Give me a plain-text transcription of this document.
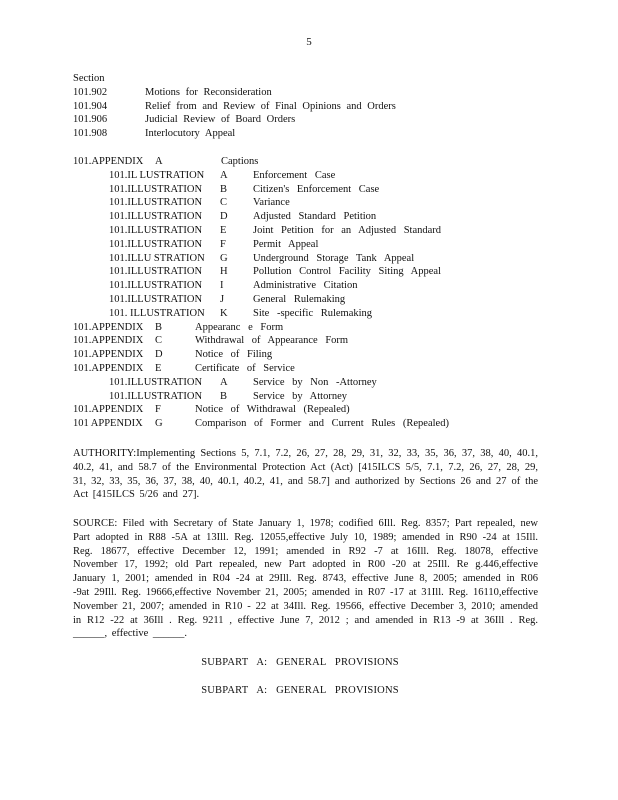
5
Section
101.902	Motions for Reconsideration
101.904	Relief from and Review of Final Opinions and Orders
101.906	Judicial Review of Board Orders
101.908	Interlocutory Appeal
101.APPENDIX A	Captions
101.IL LUSTRATION A Enforcement Case
101.ILLUSTRATION B Citizen's Enforcement Case
101.ILLUSTRATION C Variance
101.ILLUSTRATION D Adjusted Standard Petition
101.ILLUSTRATION E	Joint Petition for an Adjusted Standard
101.ILLUSTRATION F	Permit Appeal
101.ILLU STRATION G Underground Storage Tank Appeal
101.ILLUSTRATION H Pollution Control Facility Siting Appeal
101.ILLUSTRATION I	Administrative Citation
101.ILLUSTRATION J	General Rulemaking
101. ILLUSTRATION K Site -specific Rulemaking
101.APPENDIX B	Appearanc e Form
101.APPENDIX C	Withdrawal of Appearance Form
101.APPENDIX D	Notice of Filing
101.APPENDIX E	Certificate of Service
101.ILLUSTRATION A Service by Non -Attorney
101.ILLUSTRATION B Service by Attorney
101.APPENDIX F	Notice of Withdrawal (Repealed)
101 APPENDIX G	Comparison of Former and Current Rules (Repealed)
AUTHORITY:Implementing Sections 5, 7.1, 7.2, 26, 27, 28, 29, 31, 32, 33, 35, 36, 37, 38, 40, 40.1, 40.2, 41, and 58.7 of the Environmental Protection Act (Act) [415ILCS 5/5, 7.1, 7.2, 26, 27, 28, 29, 31, 32, 33, 35, 36, 37, 38, 40, 40.1, 40.2, 41, and 58.7] and authorized by Sections 26 and 27 of the Act [415ILCS 5/26 and 27].
SOURCE: Filed with Secretary of State January 1, 1978; codified 6Ill. Reg. 8357; Part repealed, new Part adopted in R88 -5A at 13Ill. Reg. 12055,effective July 10, 1989; amended in R90 -24 at 15Ill. Reg. 18677, effective December 12, 1991; amended in R92 -7 at 16Ill. Reg. 18078, effective November 17, 1992; old Part repealed, new Part adopted in R00 -20 at 25Ill. Re g.446,effective January 1, 2001; amended in R04 -24 at 29Ill. Reg. 8743, effective June 8, 2005; amended in R06 -9at 29Ill. Reg. 19666,effective November 21, 2005; amended in R07 -17 at 31Ill. Reg. 16110,effective November 21, 2007; amended in R10 - 22 at 34Ill. Reg. 19566, effective December 3, 2010; amended in R12 -22 at 36Ill . Reg. 9211 , effective June 7, 2012 ; and amended in R13 -9 at 36Ill . Reg. ______, effective ______.
SUBPART A: GENERAL PROVISIONS
SUBPART A: GENERAL PROVISIONS
